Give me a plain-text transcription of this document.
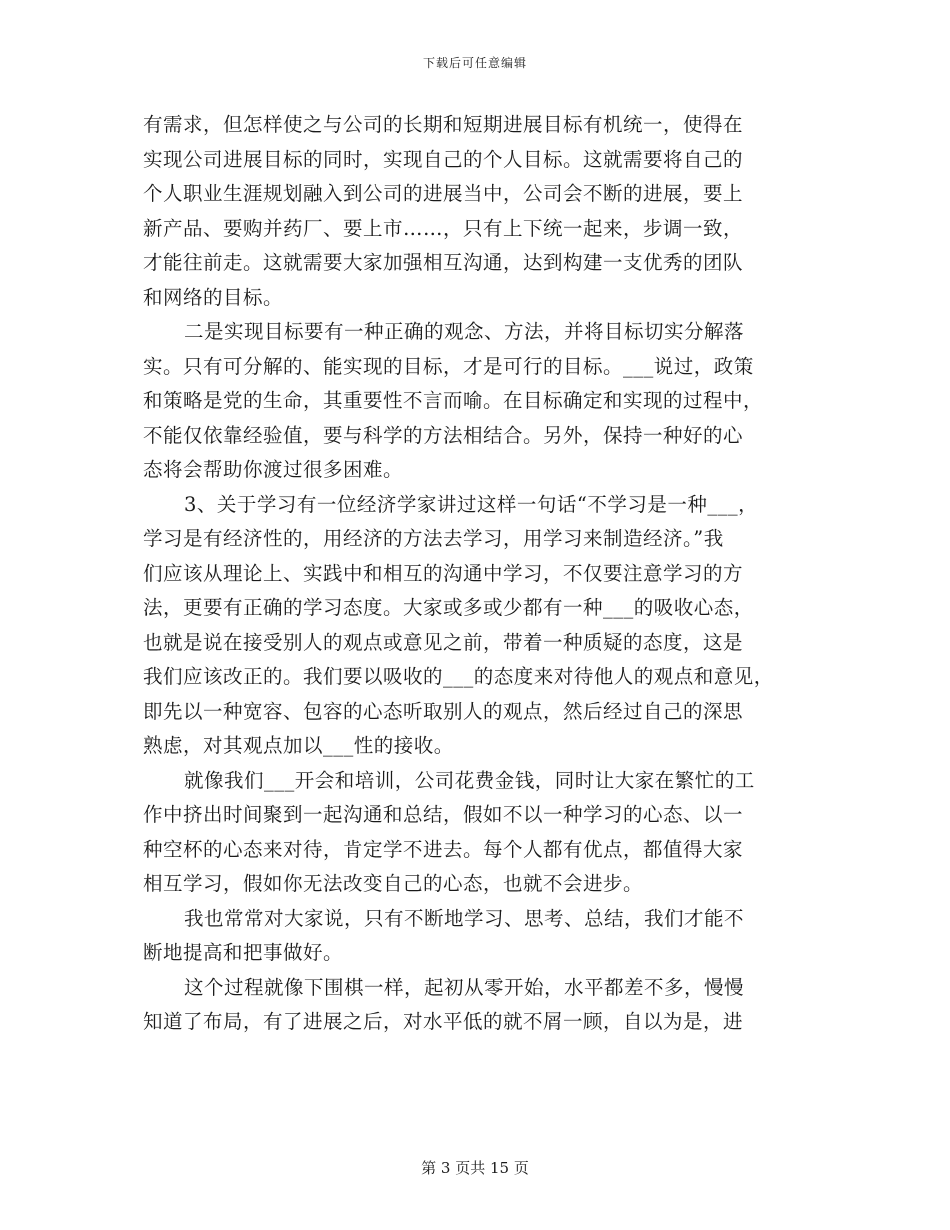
下载后可任意编辑
有需求，但怎样使之与公司的长期和短期进展目标有机统一，使得在
实现公司进展目标的同时，实现自己的个人目标。这就需要将自己的
个人职业生涯规划融入到公司的进展当中，公司会不断的进展，要上
新产品、要购并药厂、要上市……，只有上下统一起来，步调一致，
才能往前走。这就需要大家加强相互沟通，达到构建一支优秀的团队
和网络的目标。
二是实现目标要有一种正确的观念、方法，并将目标切实分解落
实。只有可分解的、能实现的目标，才是可行的目标。___说过，政策
和策略是党的生命，其重要性不言而喻。在目标确定和实现的过程中，
不能仅依靠经验值，要与科学的方法相结合。另外，保持一种好的心
态将会帮助你渡过很多困难。
3、关于学习有一位经济学家讲过这样一句话“不学习是一种___，
学习是有经济性的，用经济的方法去学习，用学习来制造经济。”我
们应该从理论上、实践中和相互的沟通中学习，不仅要注意学习的方
法，更要有正确的学习态度。大家或多或少都有一种___的吸收心态，
也就是说在接受别人的观点或意见之前，带着一种质疑的态度，这是
我们应该改正的。我们要以吸收的___的态度来对待他人的观点和意见，
即先以一种宽容、包容的心态听取别人的观点，然后经过自己的深思
熟虑，对其观点加以___性的接收。
就像我们___开会和培训，公司花费金钱，同时让大家在繁忙的工
作中挤出时间聚到一起沟通和总结，假如不以一种学习的心态、以一
种空杯的心态来对待，肯定学不进去。每个人都有优点，都值得大家
相互学习，假如你无法改变自己的心态，也就不会进步。
我也常常对大家说，只有不断地学习、思考、总结，我们才能不
断地提高和把事做好。
这个过程就像下围棋一样，起初从零开始，水平都差不多，慢慢
知道了布局，有了进展之后，对水平低的就不屑一顾，自以为是，进
第 3 页共 15 页
